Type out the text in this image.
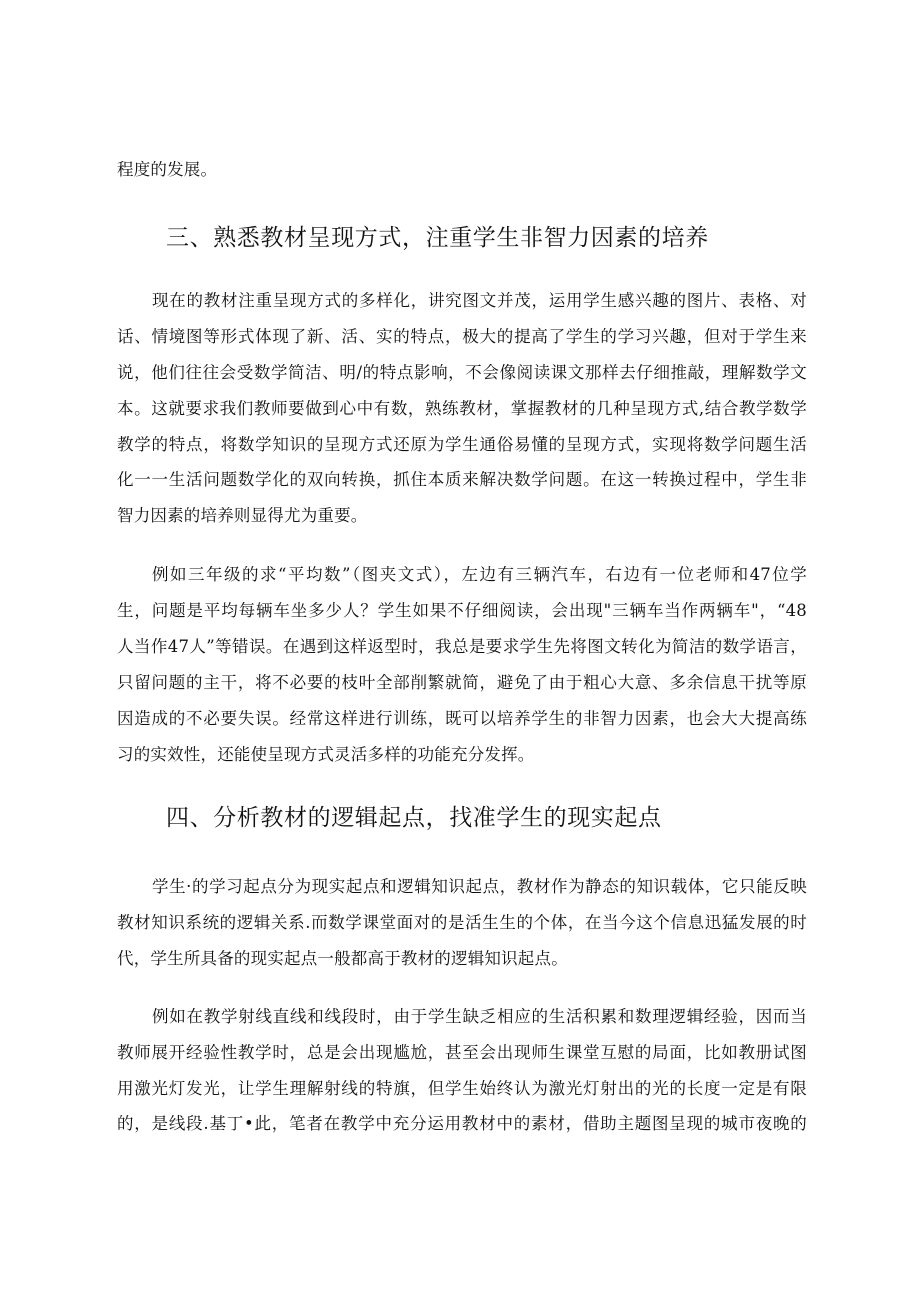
程度的发展。
三、熟悉教材呈现方式，注重学生非智力因素的培养
现在的教材注重呈现方式的多样化，讲究图文并茂，运用学生感兴趣的图片、表格、对
话、情境图等形式体现了新、活、实的特点，极大的提高了学生的学习兴趣，但对于学生来
说，他们往往会受数学简洁、明/的特点影响，不会像阅读课文那样去仔细推敲，理解数学文
本。这就要求我们教师要做到心中有数，熟练教材，掌握教材的几种呈现方式,结合教学数学
教学的特点，将数学知识的呈现方式还原为学生通俗易懂的呈现方式，实现将数学问题生活
化一一生活问题数学化的双向转换，抓住本质来解决数学问题。在这一转换过程中，学生非
智力因素的培养则显得尤为重要。
例如三年级的求“平均数”（图夹文式），左边有三辆汽车，右边有一位老师和47位学
生，问题是平均每辆车坐多少人？学生如果不仔细阅读，会出现"三辆车当作两辆车"，“48
人当作47人”等错误。在遇到这样返型时，我总是要求学生先将图文转化为简洁的数学语言，
只留问题的主干，将不必要的枝叶全部削繁就简，避免了由于粗心大意、多余信息干扰等原
因造成的不必要失误。经常这样进行训练，既可以培养学生的非智力因素，也会大大提高练
习的实效性，还能使呈现方式灵活多样的功能充分发挥。
四、分析教材的逻辑起点，找准学生的现实起点
学生·的学习起点分为现实起点和逻辑知识起点，教材作为静态的知识载体，它只能反映
教材知识系统的逻辑关系.而数学课堂面对的是活生生的个体，在当今这个信息迅猛发展的时
代，学生所具备的现实起点一般都高于教材的逻辑知识起点。
例如在教学射线直线和线段时，由于学生缺乏相应的生活积累和数理逻辑经验，因而当
教师展开经验性教学时，总是会出现尴尬，甚至会出现师生课堂互慰的局面，比如教册试图
用激光灯发光，让学生理解射线的特旗，但学生始终认为激光灯射出的光的长度一定是有限
的，是线段.基丁•此，笔者在教学中充分运用教材中的素材，借助主题图呈现的城市夜晚的
